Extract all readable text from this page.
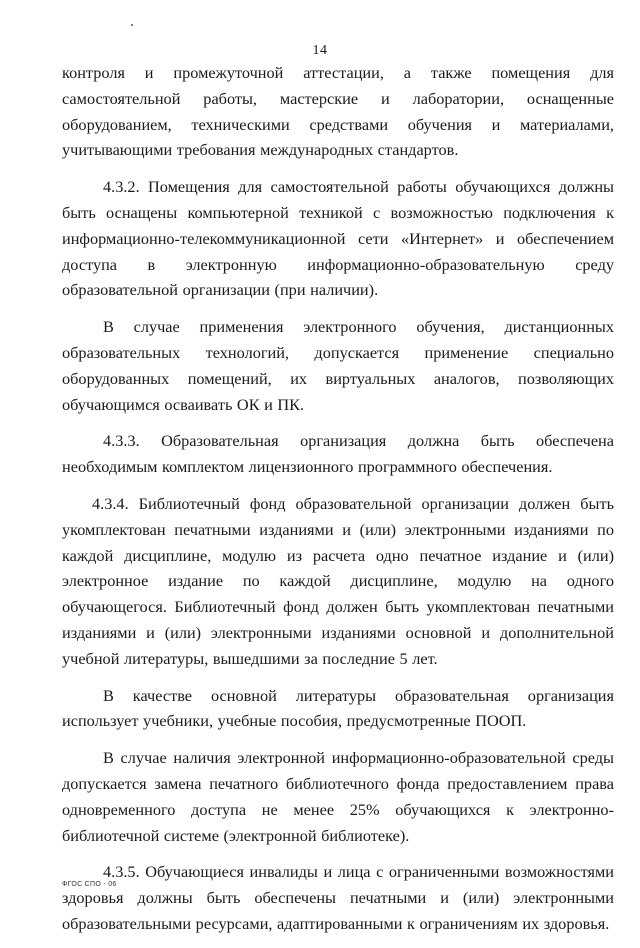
14

контроля и промежуточной аттестации, а также помещения для самостоятельной работы, мастерские и лаборатории, оснащенные оборудованием, техническими средствами обучения и материалами, учитывающими требования международных стандартов.

4.3.2. Помещения для самостоятельной работы обучающихся должны быть оснащены компьютерной техникой с возможностью подключения к информационно-телекоммуникационной сети «Интернет» и обеспечением доступа в электронную информационно-образовательную среду образовательной организации (при наличии).

В случае применения электронного обучения, дистанционных образовательных технологий, допускается применение специально оборудованных помещений, их виртуальных аналогов, позволяющих обучающимся осваивать ОК и ПК.

4.3.3. Образовательная организация должна быть обеспечена необходимым комплектом лицензионного программного обеспечения.

4.3.4. Библиотечный фонд образовательной организации должен быть укомплектован печатными изданиями и (или) электронными изданиями по каждой дисциплине, модулю из расчета одно печатное издание и (или) электронное издание по каждой дисциплине, модулю на одного обучающегося. Библиотечный фонд должен быть укомплектован печатными изданиями и (или) электронными изданиями основной и дополнительной учебной литературы, вышедшими за последние 5 лет.

В качестве основной литературы образовательная организация использует учебники, учебные пособия, предусмотренные ПООП.

В случае наличия электронной информационно-образовательной среды допускается замена печатного библиотечного фонда предоставлением права одновременного доступа не менее 25% обучающихся к электронно-библиотечной системе (электронной библиотеке).

4.3.5. Обучающиеся инвалиды и лица с ограниченными возможностями здоровья должны быть обеспечены печатными и (или) электронными образовательными ресурсами, адаптированными к ограничениям их здоровья.

ФГОС СПО - 06
